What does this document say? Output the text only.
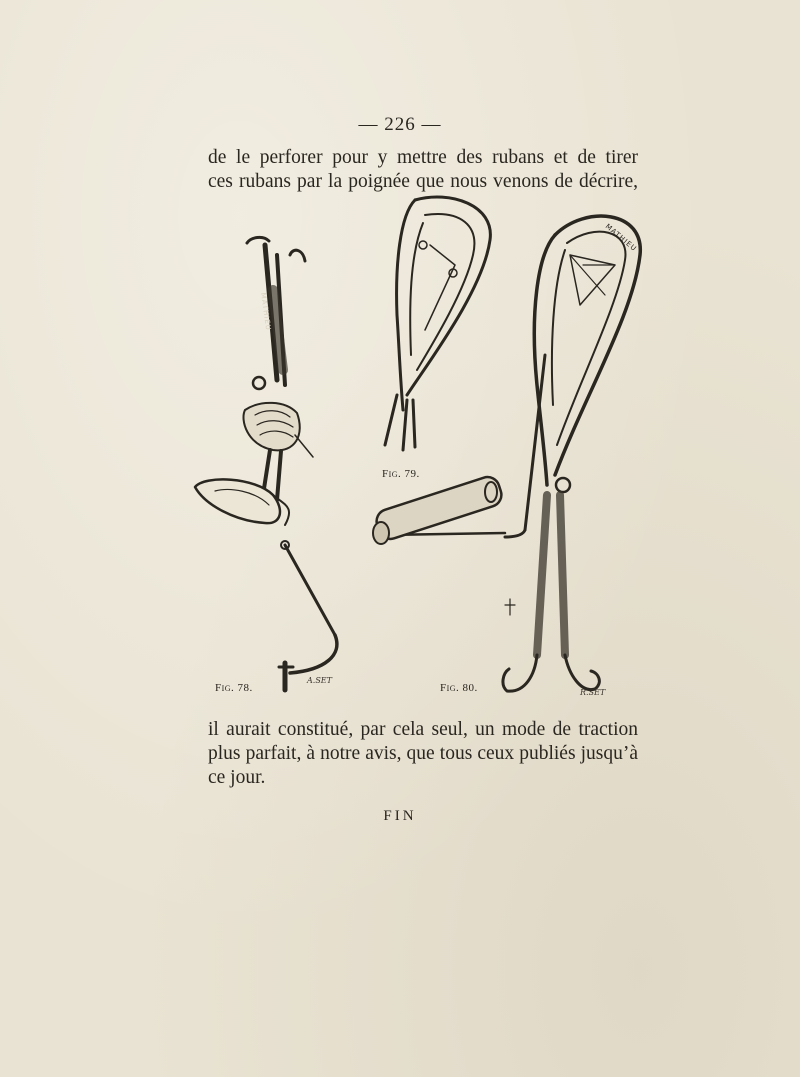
— 226 —
de le perforer pour y mettre des rubans et de tirer
ces rubans par la poignée que nous venons de décrire,
A.SET
MATHIEU
R.SET
MATHIEU
Fig. 78.
Fig. 79.
Fig. 80.
il aurait constitué, par cela seul, un mode de traction
plus parfait, à notre avis, que tous ceux publiés jusqu’à
ce jour.
FIN
